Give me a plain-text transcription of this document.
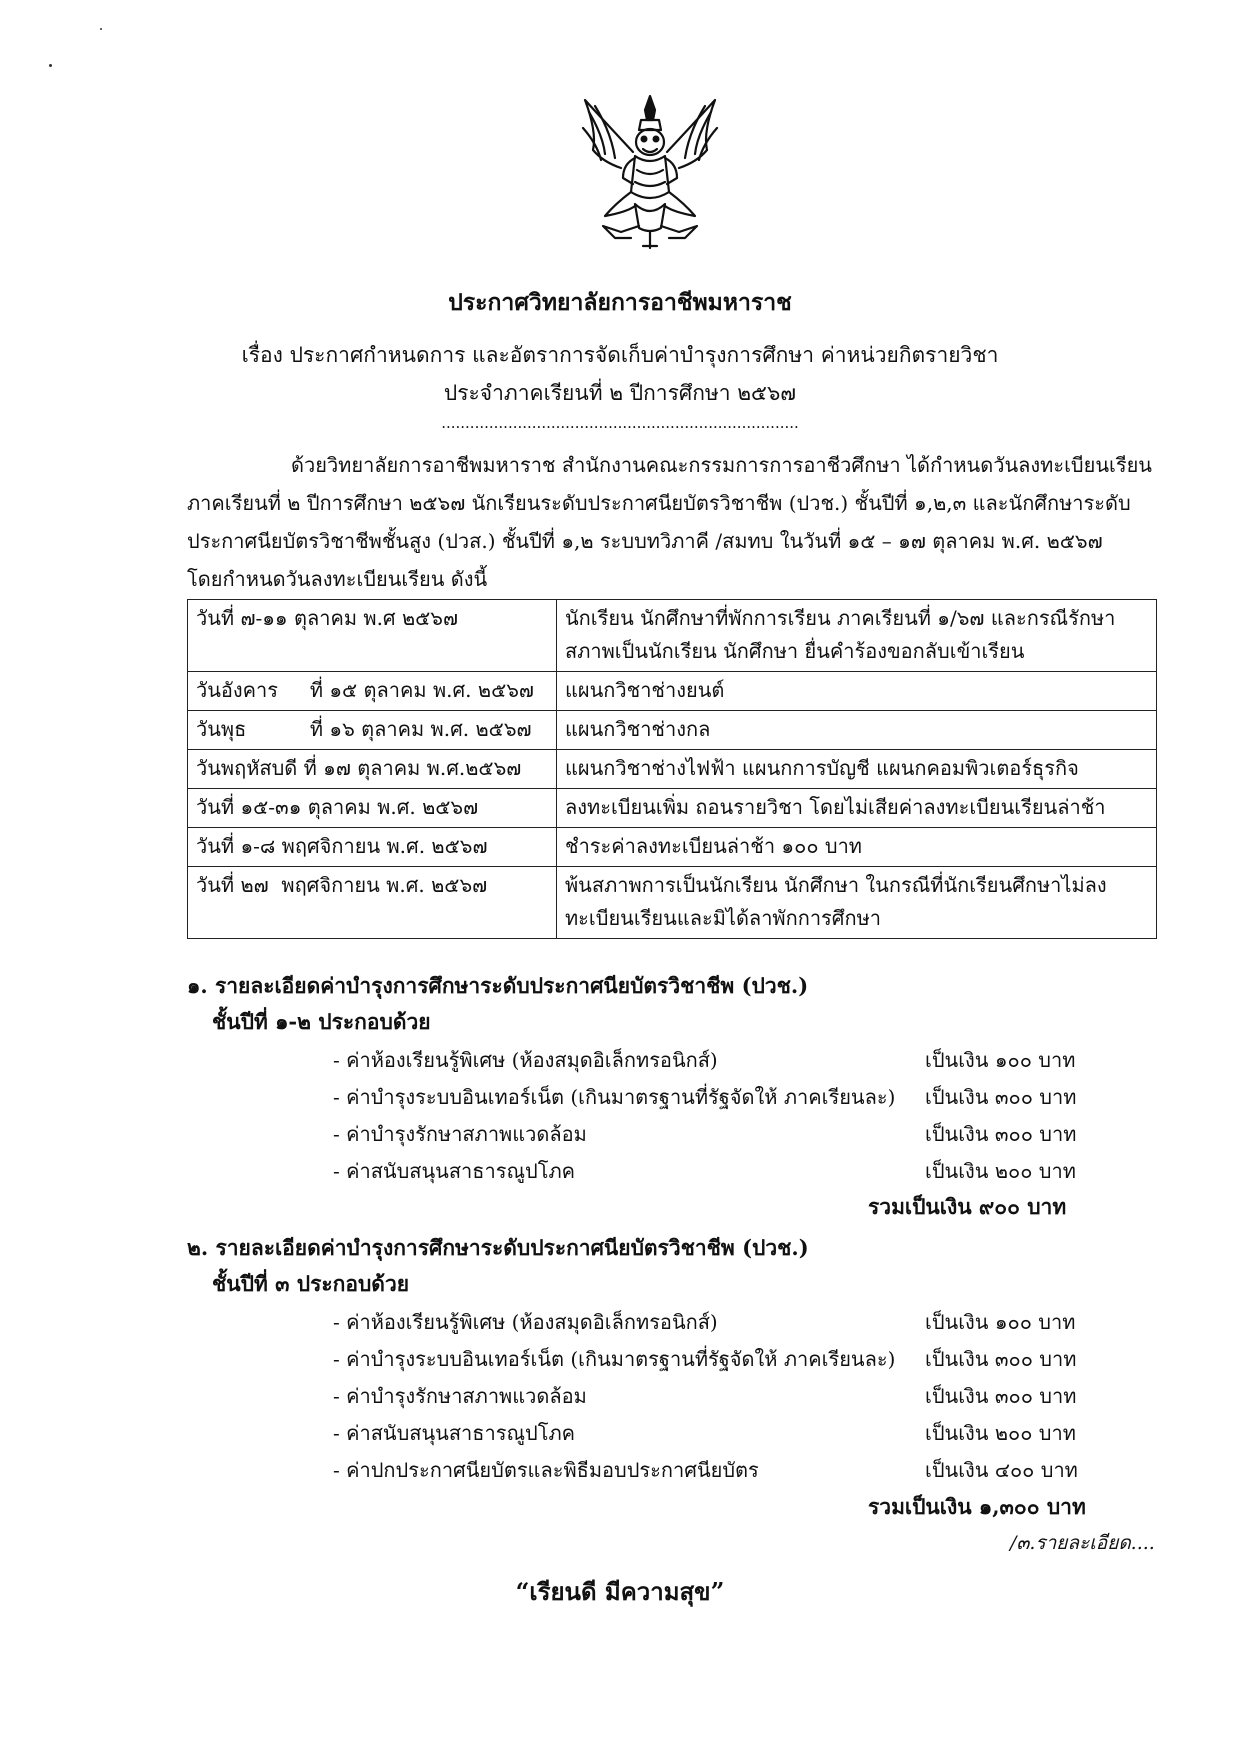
ประกาศวิทยาลัยการอาชีพมหาราช
เรื่อง ประกาศกำหนดการ และอัตราการจัดเก็บค่าบำรุงการศึกษา ค่าหน่วยกิตรายวิชา
ประจำภาคเรียนที่ ๒ ปีการศึกษา ๒๕๖๗
...........................................................................
ด้วยวิทยาลัยการอาชีพมหาราช สำนักงานคณะกรรมการการอาชีวศึกษา ได้กำหนดวันลงทะเบียนเรียน
ภาคเรียนที่ ๒ ปีการศึกษา ๒๕๖๗ นักเรียนระดับประกาศนียบัตรวิชาชีพ (ปวช.) ชั้นปีที่ ๑,๒,๓ และนักศึกษาระดับ
ประกาศนียบัตรวิชาชีพชั้นสูง (ปวส.) ชั้นปีที่ ๑,๒ ระบบทวิภาคี /สมทบ ในวันที่ ๑๕ – ๑๗ ตุลาคม พ.ศ. ๒๕๖๗
โดยกำหนดวันลงทะเบียนเรียน ดังนี้
วันที่ ๗-๑๑ ตุลาคม พ.ศ ๒๕๖๗	นักเรียน นักศึกษาที่พักการเรียน ภาคเรียนที่ ๑/๖๗ และกรณีรักษาสภาพเป็นนักเรียน นักศึกษา ยื่นคำร้องขอกลับเข้าเรียน
วันอังคาร     ที่ ๑๕ ตุลาคม พ.ศ. ๒๕๖๗	แผนกวิชาช่างยนต์
วันพุธ          ที่ ๑๖ ตุลาคม พ.ศ. ๒๕๖๗	แผนกวิชาช่างกล
วันพฤหัสบดี ที่ ๑๗ ตุลาคม พ.ศ.๒๕๖๗	แผนกวิชาช่างไฟฟ้า แผนกการบัญชี แผนกคอมพิวเตอร์ธุรกิจ
วันที่ ๑๕-๓๑ ตุลาคม พ.ศ. ๒๕๖๗	ลงทะเบียนเพิ่ม ถอนรายวิชา โดยไม่เสียค่าลงทะเบียนเรียนล่าช้า
วันที่ ๑-๘ พฤศจิกายน พ.ศ. ๒๕๖๗	ชำระค่าลงทะเบียนล่าช้า ๑๐๐ บาท
วันที่ ๒๗  พฤศจิกายน พ.ศ. ๒๕๖๗	พ้นสภาพการเป็นนักเรียน นักศึกษา ในกรณีที่นักเรียนศึกษาไม่ลงทะเบียนเรียนและมิได้ลาพักการศึกษา
๑. รายละเอียดค่าบำรุงการศึกษาระดับประกาศนียบัตรวิชาชีพ (ปวช.)
ชั้นปีที่ ๑-๒ ประกอบด้วย
- ค่าห้องเรียนรู้พิเศษ (ห้องสมุดอิเล็กทรอนิกส์)	เป็นเงิน ๑๐๐ บาท
- ค่าบำรุงระบบอินเทอร์เน็ต (เกินมาตรฐานที่รัฐจัดให้ ภาคเรียนละ) เป็นเงิน ๓๐๐ บาท
- ค่าบำรุงรักษาสภาพแวดล้อม	เป็นเงิน ๓๐๐ บาท
- ค่าสนับสนุนสาธารณูปโภค	เป็นเงิน ๒๐๐ บาท
รวมเป็นเงิน ๙๐๐ บาท
๒. รายละเอียดค่าบำรุงการศึกษาระดับประกาศนียบัตรวิชาชีพ (ปวช.)
ชั้นปีที่ ๓ ประกอบด้วย
- ค่าห้องเรียนรู้พิเศษ (ห้องสมุดอิเล็กทรอนิกส์)	เป็นเงิน ๑๐๐ บาท
- ค่าบำรุงระบบอินเทอร์เน็ต (เกินมาตรฐานที่รัฐจัดให้ ภาคเรียนละ) เป็นเงิน ๓๐๐ บาท
- ค่าบำรุงรักษาสภาพแวดล้อม	เป็นเงิน ๓๐๐ บาท
- ค่าสนับสนุนสาธารณูปโภค	เป็นเงิน ๒๐๐ บาท
- ค่าปกประกาศนียบัตรและพิธีมอบประกาศนียบัตร	เป็นเงิน ๔๐๐ บาท
รวมเป็นเงิน ๑,๓๐๐ บาท
/๓.รายละเอียด....
“เรียนดี มีความสุข”
